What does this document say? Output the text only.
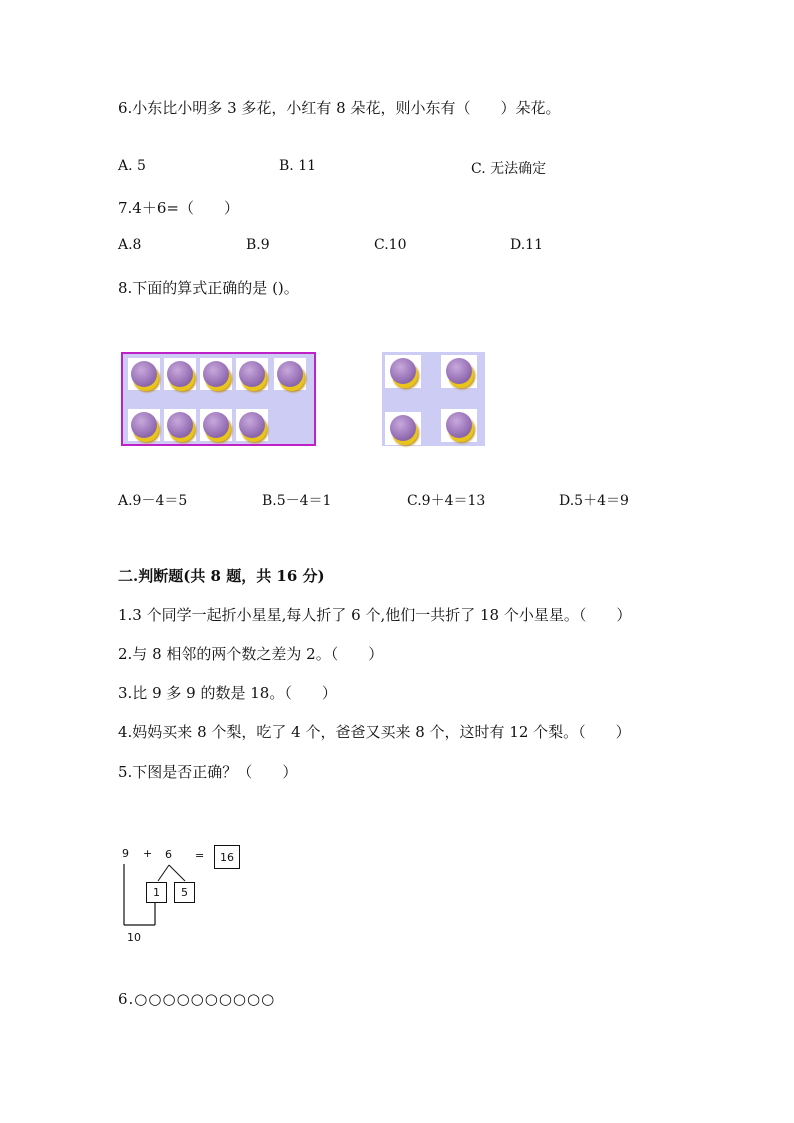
6.小东比小明多 3 多花，小红有 8 朵花，则小东有（　　）朵花。
A. 5	B. 11	C. 无法确定
7.4＋6=（　　）
A.8	B.9	C.10	D.11
8.下面的算式正确的是 ()。
A.9－4＝5	B.5－4＝1	C.9＋4＝13	D.5＋4＝9
二.判断题(共 8 题，共 16 分)
1.3 个同学一起折小星星,每人折了 6 个,他们一共折了 18 个小星星。（　　）
2.与 8 相邻的两个数之差为 2。（　　）
3.比 9 多 9 的数是 18。（　　）
4.妈妈买来 8 个梨，吃了 4 个，爸爸又买来 8 个，这时有 12 个梨。（　　）
5.下图是否正确？（　　）
9 + 6 =	16
1	5
10
6.○○○○○○○○○○
